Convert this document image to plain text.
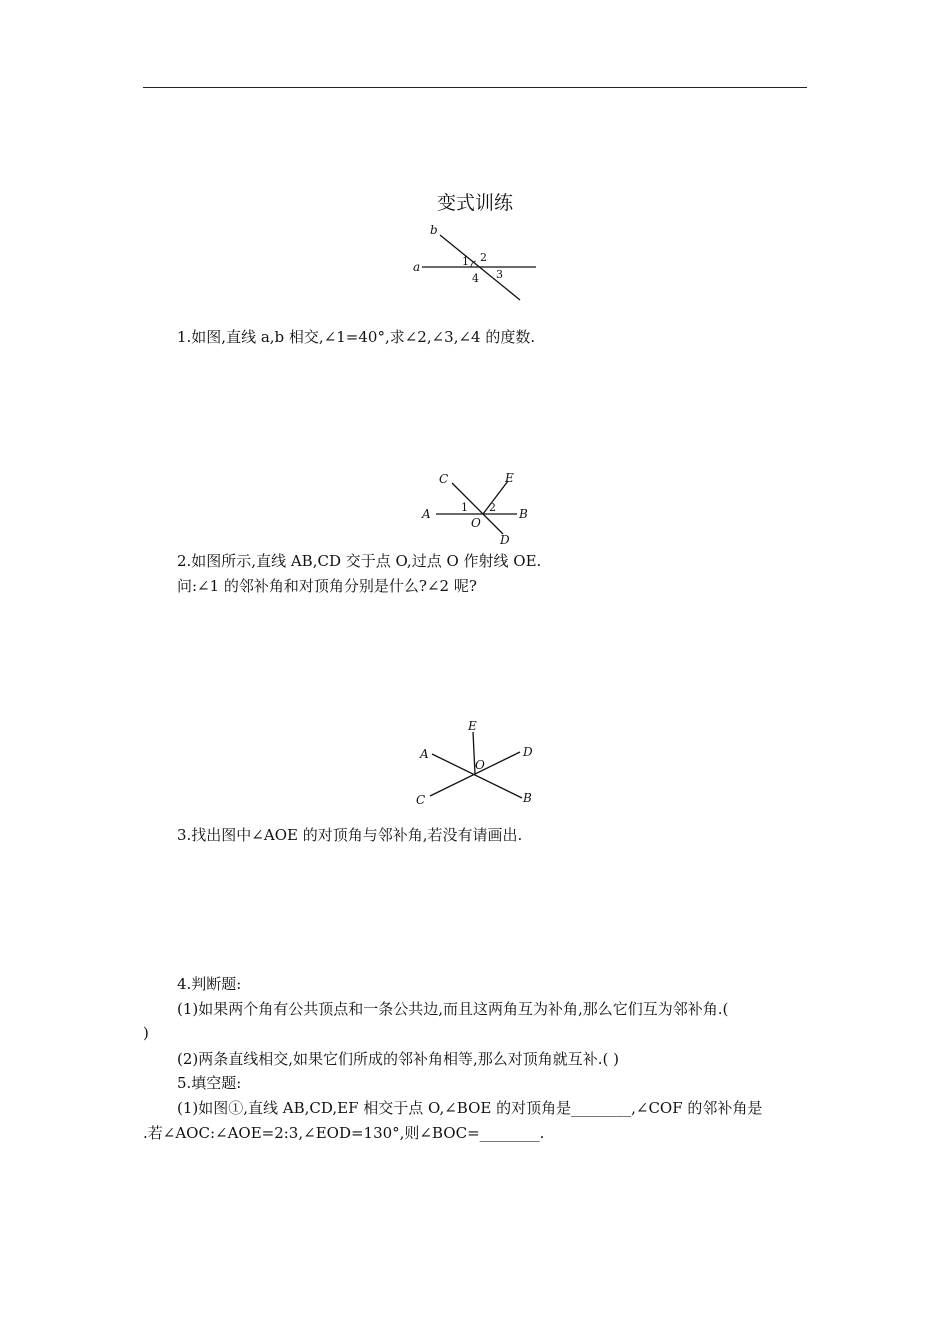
变式训练
b
a	1 2
3
4
1.如图,直线 a,b 相交,∠1=40°,求∠2,∠3,∠4 的度数.
C	E
A	B
O
D
1 2
2.如图所示,直线 AB,CD 交于点 O,过点 O 作射线 OE.
问:∠1 的邻补角和对顶角分别是什么?∠2 呢?
E
A	D
O
C	B
3.找出图中∠AOE 的对顶角与邻补角,若没有请画出.
4.判断题:
(1)如果两个角有公共顶点和一条公共边,而且这两角互为补角,那么它们互为邻补角.(
)
(2)两条直线相交,如果它们所成的邻补角相等,那么对顶角就互补.( )
5.填空题:
(1)如图①,直线 AB,CD,EF 相交于点 O,∠BOE 的对顶角是________,∠COF 的邻补角是
.若∠AOC:∠AOE=2:3,∠EOD=130°,则∠BOC=________.
